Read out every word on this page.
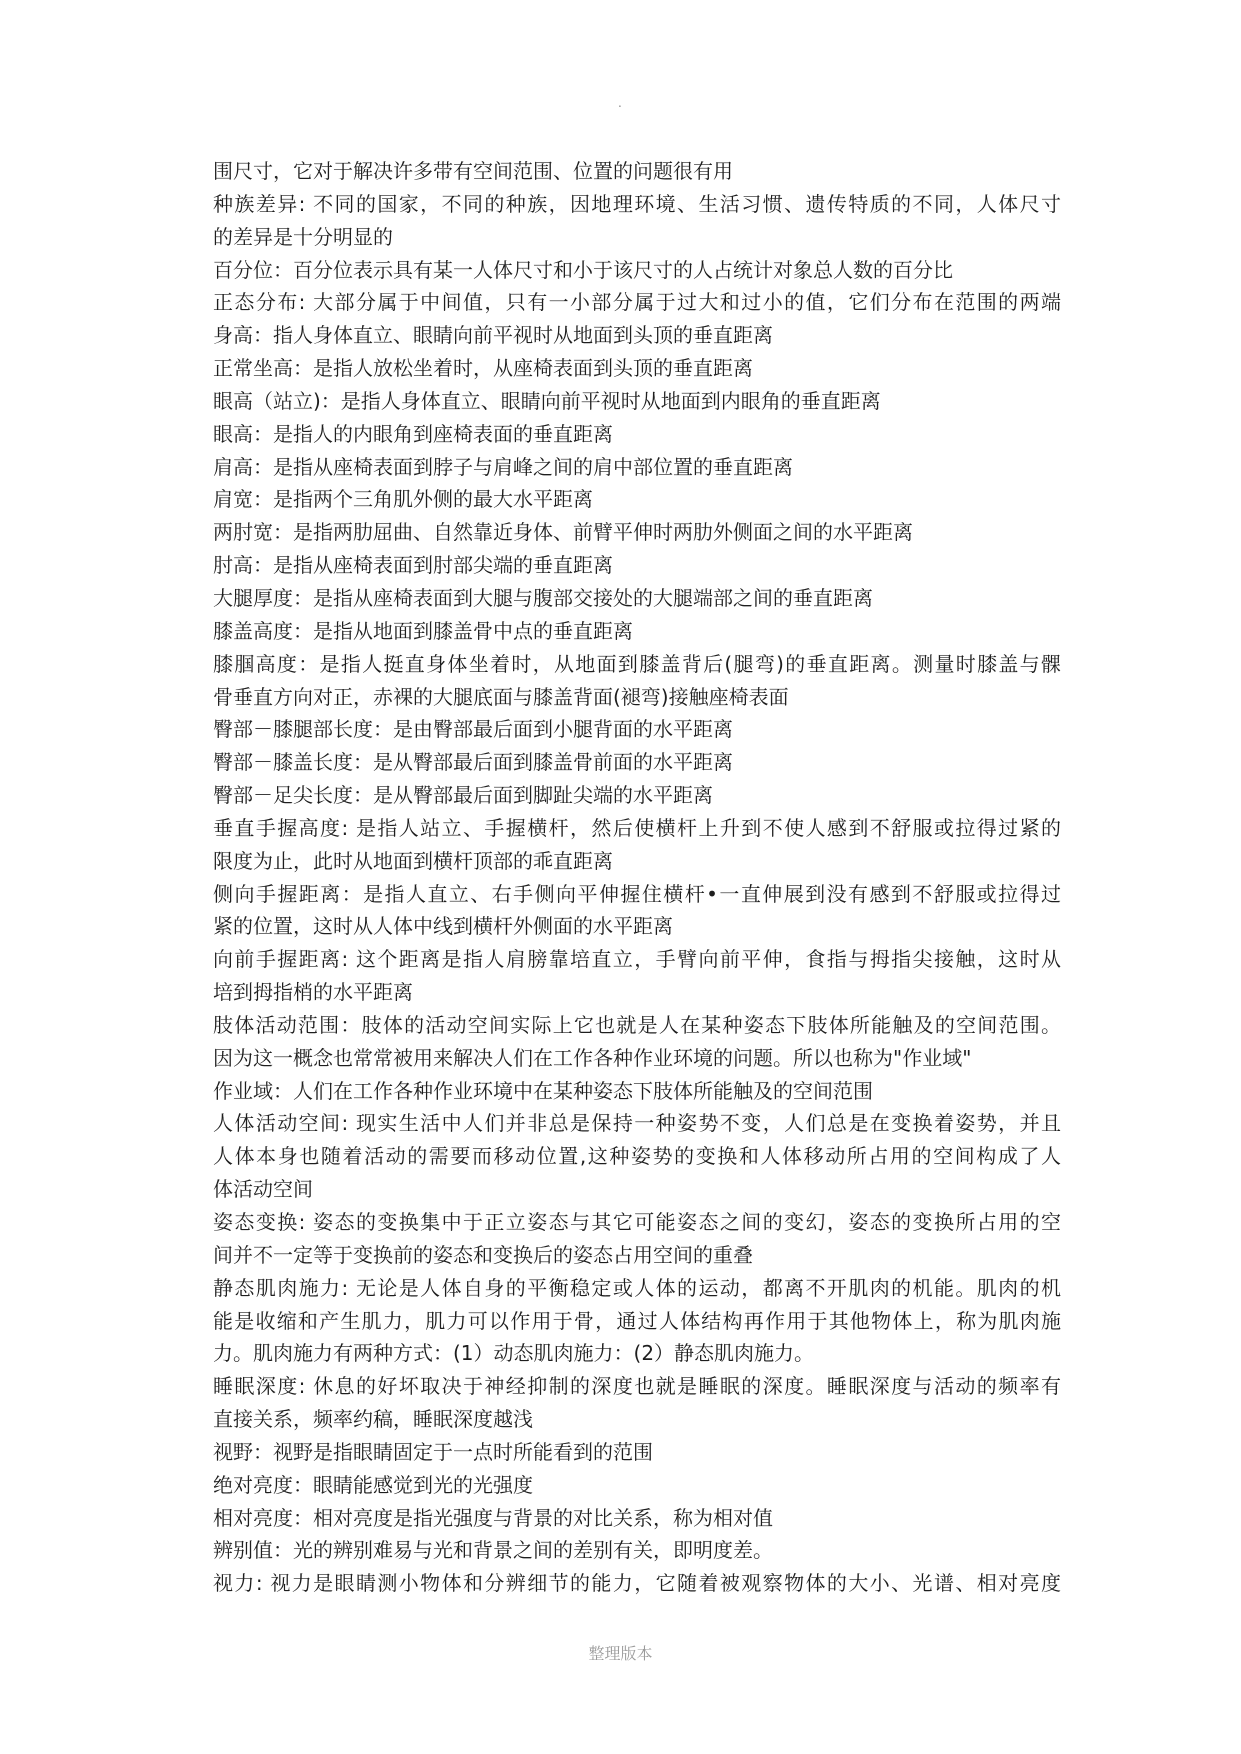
.
围尺寸，它对于解决许多带有空间范围、位置的问题很有用
种族差异: 不同的国家，不同的种族，因地理环境、生活习惯、遗传特质的不同，人体尺寸
的差异是十分明显的
百分位：百分位表示具有某一人体尺寸和小于该尺寸的人占统计对象总人数的百分比
正态分布: 大部分属于中间值，只有一小部分属于过大和过小的值，它们分布在范围的两端
身高：指人身体直立、眼睛向前平视时从地面到头顶的垂直距离
正常坐高：是指人放松坐着时，从座椅表面到头顶的垂直距离
眼高（站立)：是指人身体直立、眼睛向前平视时从地面到内眼角的垂直距离
眼高：是指人的内眼角到座椅表面的垂直距离
肩高：是指从座椅表面到脖子与肩峰之间的肩中部位置的垂直距离
肩宽：是指两个三角肌外侧的最大水平距离
两肘宽：是指两肋屈曲、自然靠近身体、前臂平伸时两肋外侧面之间的水平距离
肘高：是指从座椅表面到肘部尖端的垂直距离
大腿厚度：是指从座椅表面到大腿与腹部交接处的大腿端部之间的垂直距离
膝盖高度：是指从地面到膝盖骨中点的垂直距离
膝腘高度：是指人挺直身体坐着时，从地面到膝盖背后(腿弯)的垂直距离。测量时膝盖与髁
骨垂直方向对正，赤裸的大腿底面与膝盖背面(褪弯)接触座椅表面
臀部－膝腿部长度：是由臀部最后面到小腿背面的水平距离
臀部－膝盖长度：是从臀部最后面到膝盖骨前面的水平距离
臀部－足尖长度：是从臀部最后面到脚趾尖端的水平距离
垂直手握高度: 是指人站立、手握横杆，然后使横杆上升到不使人感到不舒服或拉得过紧的
限度为止，此时从地面到横杆顶部的乖直距离
侧向手握距离：是指人直立、右手侧向平伸握住横杆•一直伸展到没有感到不舒服或拉得过
紧的位置，这时从人体中线到横杆外侧面的水平距离
向前手握距离: 这个距离是指人肩膀靠培直立，手臂向前平伸，食指与拇指尖接触，这时从
培到拇指梢的水平距离
肢体活动范围：肢体的活动空间实际上它也就是人在某种姿态下肢体所能触及的空间范围。
因为这一概念也常常被用来解决人们在工作各种作业环境的问题。所以也称为"作业域"
作业域：人们在工作各种作业环境中在某种姿态下肢体所能触及的空间范围
人体活动空间: 现实生活中人们并非总是保持一种姿势不变，人们总是在变换着姿势，并且
人体本身也随着活动的需要而移动位置,这种姿势的变换和人体移动所占用的空间构成了人
体活动空间
姿态变换: 姿态的变换集中于正立姿态与其它可能姿态之间的变幻，姿态的变换所占用的空
间并不一定等于变换前的姿态和变换后的姿态占用空间的重叠
静态肌肉施力: 无论是人体自身的平衡稳定或人体的运动，都离不开肌肉的机能。肌肉的机
能是收缩和产生肌力，肌力可以作用于骨，通过人体结构再作用于其他物体上，称为肌肉施
力。肌肉施力有两种方式：(1）动态肌肉施力：(2）静态肌肉施力。
睡眠深度: 休息的好坏取决于神经抑制的深度也就是睡眠的深度。睡眠深度与活动的频率有
直接关系，频率约稿，睡眠深度越浅
视野：视野是指眼睛固定于一点时所能看到的范围
绝对亮度：眼睛能感觉到光的光强度
相对亮度：相对亮度是指光强度与背景的对比关系，称为相对值
辨别值：光的辨别难易与光和背景之间的差别有关，即明度差。
视力: 视力是眼睛测小物体和分辨细节的能力，它随着被观察物体的大小、光谱、相对亮度
整理版本
